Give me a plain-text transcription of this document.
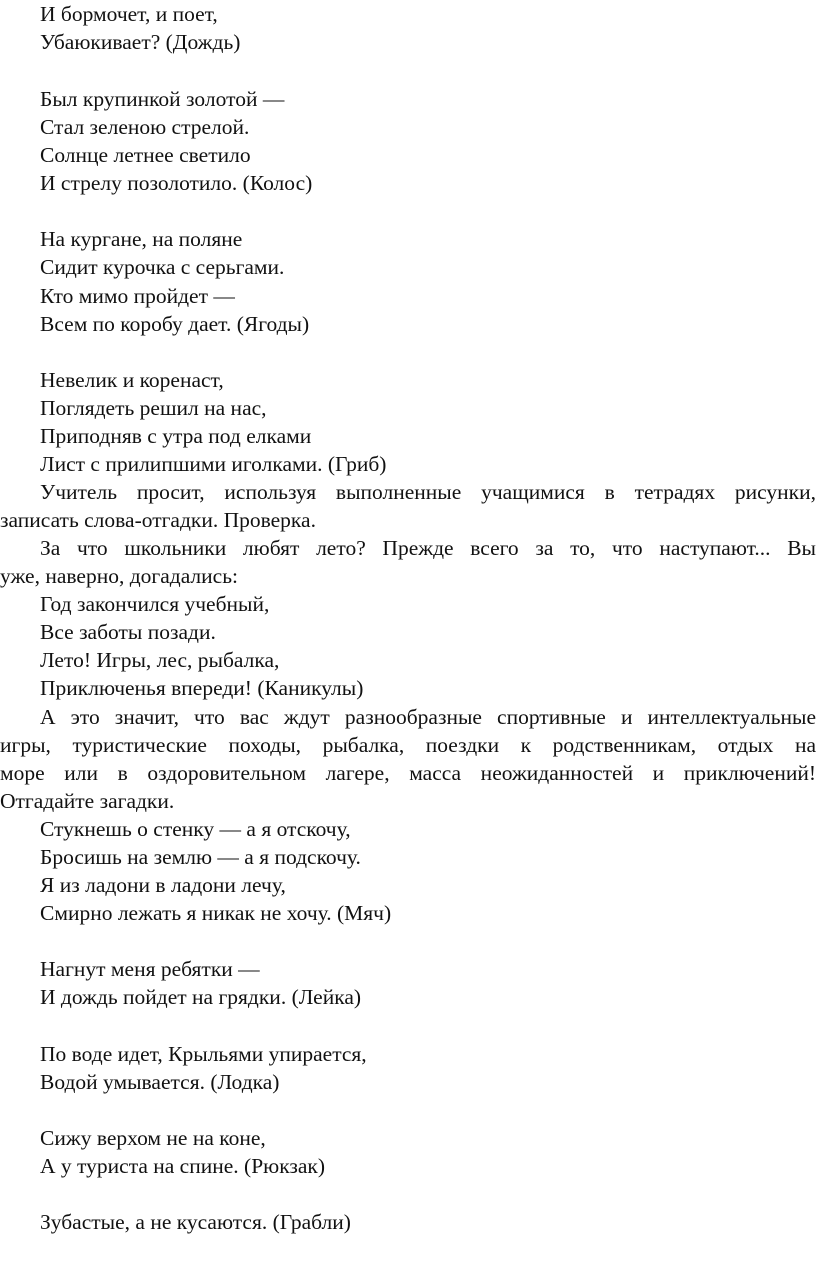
И бормочет, и поет,
Убаюкивает? (Дождь)
Был крупинкой золотой —
Стал зеленою стрелой.
Солнце летнее светило
И стрелу позолотило. (Колос)
На кургане, на поляне
Сидит курочка с серьгами.
Кто мимо пройдет —
Всем по коробу дает. (Ягоды)
Невелик и коренаст,
Поглядеть решил на нас,
Приподняв с утра под елками
Лист с прилипшими иголками. (Гриб)
Учитель просит, используя выполненные учащимися в тетрадях рисунки,
записать слова-отгадки. Проверка.
За что школьники любят лето? Прежде всего за то, что наступают... Вы
уже, наверно, догадались:
Год закончился учебный,
Все заботы позади.
Лето! Игры, лес, рыбалка,
Приключенья впереди! (Каникулы)
А это значит, что вас ждут разнообразные спортивные и интеллектуальные
игры, туристические походы, рыбалка, поездки к родственникам, отдых на
море или в оздоровительном лагере, масса неожиданностей и приключений!
Отгадайте загадки.
Стукнешь о стенку — а я отскочу,
Бросишь на землю — а я подскочу.
Я из ладони в ладони лечу,
Смирно лежать я никак не хочу. (Мяч)
Нагнут меня ребятки —
И дождь пойдет на грядки. (Лейка)
По воде идет, Крыльями упирается,
Водой умывается. (Лодка)
Сижу верхом не на коне,
А у туриста на спине. (Рюкзак)
Зубастые, а не кусаются. (Грабли)
